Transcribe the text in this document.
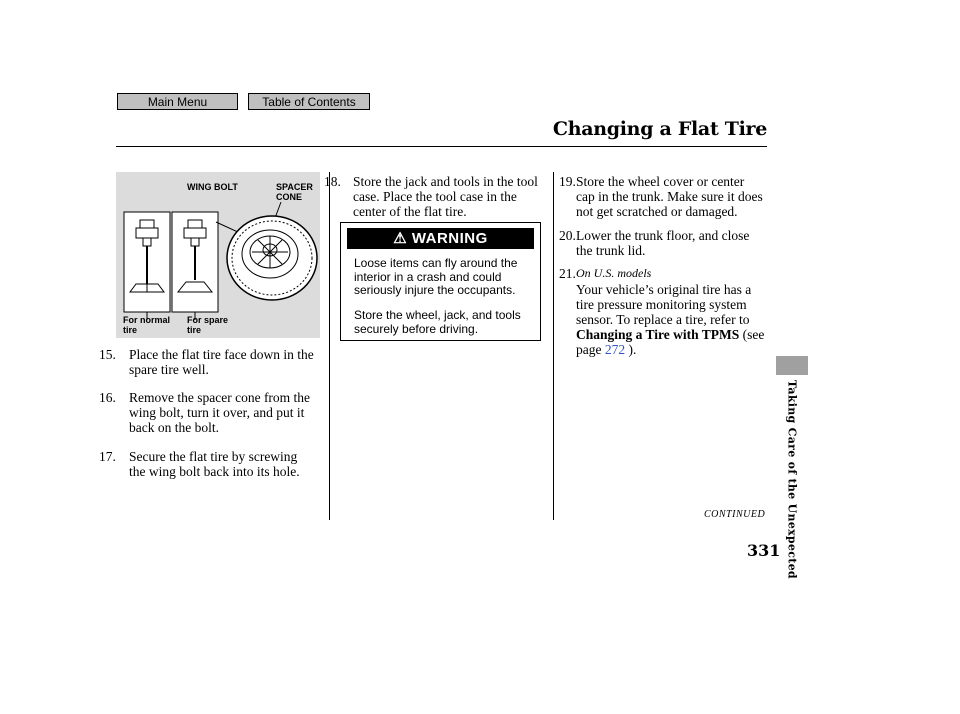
Main Menu	Table of Contents
Changing a Flat Tire
WING BOLT	SPACER
CONE
For normal
tire
For spare
tire
15. Place the flat tire face down in the
spare tire well.
16. Remove the spacer cone from the
wing bolt, turn it over, and put it
back on the bolt.
17. Secure the flat tire by screwing
the wing bolt back into its hole.
18. Store the jack and tools in the tool
case. Place the tool case in the
center of the flat tire.
⚠ WARNING
Loose items can fly around the
interior in a crash and could
seriously injure the occupants.
Store the wheel, jack, and tools
securely before driving.
19. Store the wheel cover or center
cap in the trunk. Make sure it does
not get scratched or damaged.
20. Lower the trunk floor, and close
the trunk lid.
21. On U.S. models
Your vehicle’s original tire has a
tire pressure monitoring system
sensor. To replace a tire, refer to
Changing a Tire with TPMS (see
page 272 ).
Taking Care of the Unexpected
CONTINUED
331
